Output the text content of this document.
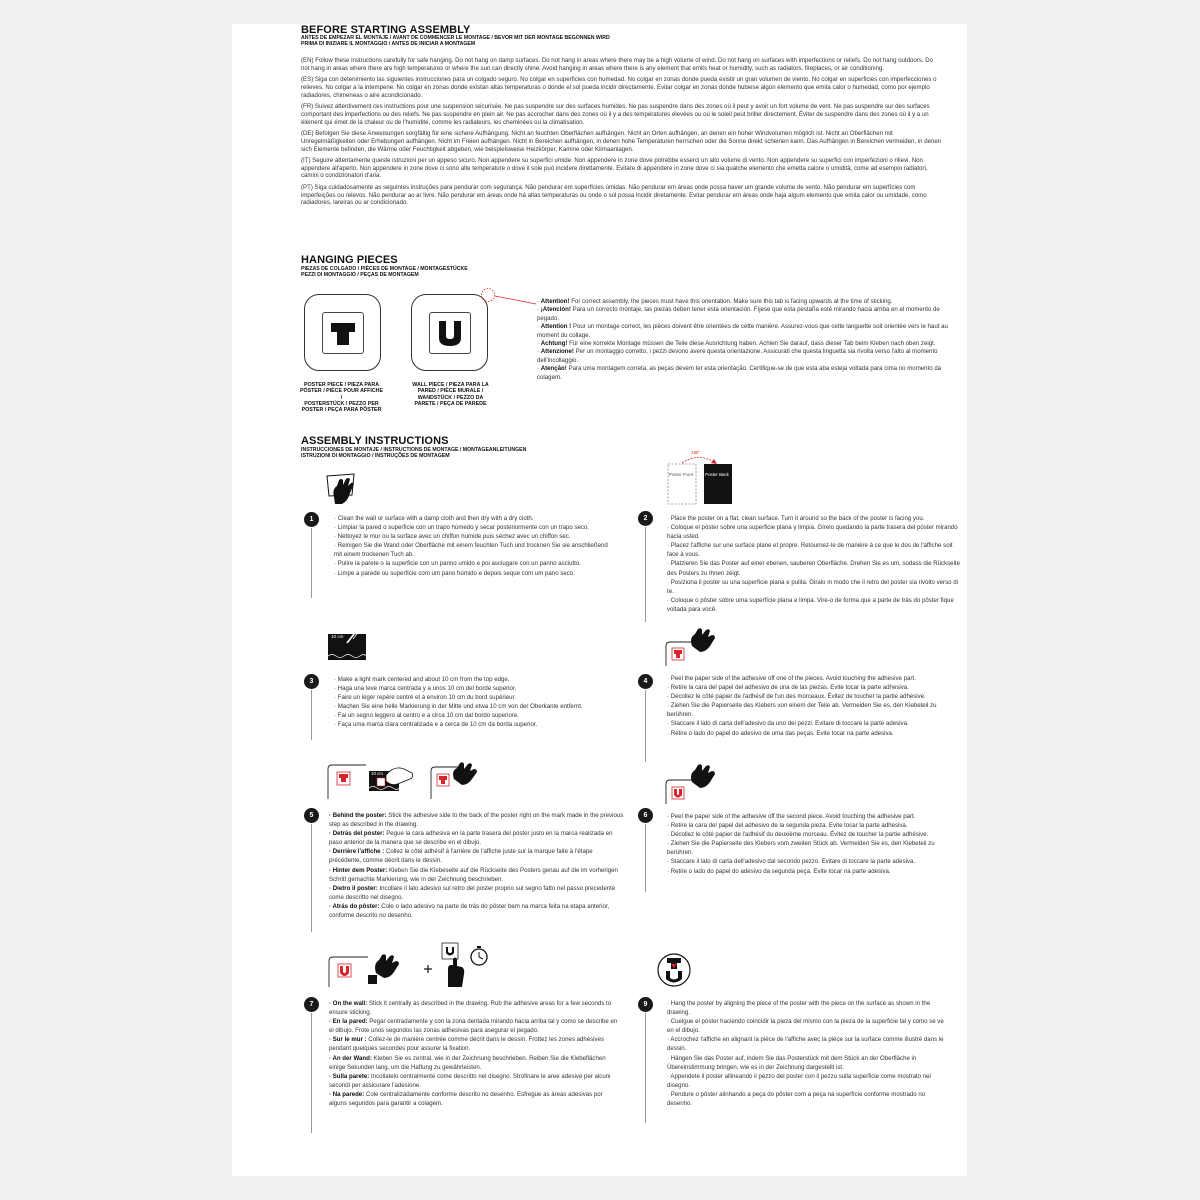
BEFORE STARTING ASSEMBLY
ANTES DE EMPEZAR EL MONTAJE / AVANT DE COMMENCER LE MONTAGE / BEVOR MIT DER MONTAGE BEGONNEN WIRD
PRIMA DI INIZIARE IL MONTAGGIO / ANTES DE INICIAR A MONTAGEM

(EN) Follow these instructions carefully for safe hanging. Do not hang on damp surfaces. Do not hang in areas where there may be a high volume of wind. Do not hang on surfaces with imperfections or reliefs. Do not hang outdoors. Do not hang in areas where there are high temperatures or where the sun can directly shine. Avoid hanging in areas where there is any element that emits heat or humidity, such as radiators, fireplaces, or air conditioning.

(ES) Siga con detenimiento las siguientes instrucciones para un colgado seguro. No colgar en superficies con humedad. No colgar en zonas donde pueda existir un gran volumen de viento. No colgar en superficies con imperfecciones o relieves. No colgar a la intemperie. No colgar en zonas donde existan altas temperaturas o donde el sol pueda incidir directamente. Evitar colgar en zonas donde hubiese algún elemento que emita calor o humedad, como por ejemplo radiadores, chimeneas o aire acondicionado.

(FR) Suivez attentivement ces instructions pour une suspension sécurisée. Ne pas suspendre sur des surfaces humides. Ne pas suspendre dans des zones où il peut y avoir un fort volume de vent. Ne pas suspendre sur des surfaces comportant des imperfections ou des reliefs. Ne pas suspendre en plein air. Ne pas accrocher dans des zones où il y a des températures élevées ou où le soleil peut briller directement. Éviter de suspendre dans des zones où il y a un élément qui émet de la chaleur ou de l'humidité, comme les radiateurs, les cheminées ou la climatisation.

(DE) Befolgen Sie diese Anweisungen sorgfältig für eine sichere Aufhängung. Nicht an feuchten Oberflächen aufhängen. Nicht an Orten aufhängen, an denen ein hoher Windvolumen möglich ist. Nicht an Oberflächen mit Unregelmäßigkeiten oder Erhebungen aufhängen. Nicht im Freien aufhängen. Nicht in Bereichen aufhängen, in denen hohe Temperaturen herrschen oder die Sonne direkt scheinen kann. Das Aufhängen in Bereichen vermeiden, in denen sich Elemente befinden, die Wärme oder Feuchtigkeit abgeben, wie beispielsweise Heizkörper, Kamine oder Klimaanlagen.

(IT) Seguire attentamente queste istruzioni per un appeso sicuro. Non appendere su superfici umide. Non appendere in zone dove potrebbe esserci un alto volume di vento. Non appendere su superfici con imperfezioni o rilievi. Non appendere all'aperto. Non appendere in zone dove ci sono alte temperature o dove il sole può incidere direttamente. Evitare di appendere in zone dove ci sia qualche elemento che emetta calore o umidità, come ad esempio radiatori, camini o condizionatori d'aria.

(PT) Siga cuidadosamente as seguintes instruções para pendurar com segurança. Não pendurar em superfícies úmidas. Não pendurar em áreas onde possa haver um grande volume de vento. Não pendurar em superfícies com imperfeições ou relevos. Não pendurar ao ar livre. Não pendurar em áreas onde há altas temperaturas ou onde o sol possa incidir diretamente. Evitar pendurar em áreas onde haja algum elemento que emita calor ou umidade, como radiadores, lareiras ou ar condicionado.

HANGING PIECES
PIEZAS DE COLGADO / PIÈCES DE MONTAGE / MONTAGESTÜCKE
PEZZI DI MONTAGGIO / PEÇAS DE MONTAGEM
POSTER PIECE / PIEZA PARA
PÓSTER / PIÈCE POUR AFFICHE /
POSTERSTÜCK / PEZZO PER
POSTER / PEÇA PARA PÔSTER
WALL PIECE / PIEZA PARA LA
PARED / PIÈCE MURALE /
WANDSTÜCK / PEZZO DA
PARETE / PEÇA DE PAREDE
· Attention! For correct assembly, the pieces must have this orientation. Make sure this tab is facing upwards at the time of sticking.
· ¡Atención! Para un correcto montaje, las piezas deben tener esta orientación. Fíjese que esta pestaña esté mirando hacia arriba en el momento de pegado.
· Attention ! Pour un montage correct, les pièces doivent être orientées de cette manière. Assurez-vous que cette languette soit orientée vers le haut au moment du collage.
· Achtung! Für eine korrekte Montage müssen die Teile diese Ausrichtung haben. Achten Sie darauf, dass dieser Tab beim Kleben nach oben zeigt.
· Attenzione! Per un montaggio corretto, i pezzi devono avere questa orientazione. Assicurati che questa linguetta sia rivolta verso l'alto al momento dell'incollaggio.
· Atenção! Para uma montagem correta, as peças devem ter esta orientação. Certifique-se de que esta aba esteja voltada para cima no momento da colagem.
ASSEMBLY INSTRUCTIONS
INSTRUCCIONES DE MONTAJE / INSTRUCTIONS DE MONTAGE / MONTAGEANLEITUNGEN
ISTRUZIONI DI MONTAGGIO / INSTRUÇÕES DE MONTAGEM
Poster Front	Poster Back
180°
10 cm
10 cm
1	2
3	4
5	6
7	9
· Clean the wall or surface with a damp cloth and then dry with a dry cloth.
· Limpiar la pared o superficie con un trapo húmedo y secar posteriormente con un trapo seco.
· Nettoyez le mur ou la surface avec un chiffon humide puis séchez avec un chiffon sec.
· Reinigen Sie die Wand oder Oberfläche mit einem feuchten Tuch und trocknen Sie sie anschließend mit einem trockenen Tuch ab.
· Pulire la parete o la superficie con un panno umido e poi asciugare con un panno asciutto.
· Limpe a parede ou superfície com um pano húmido e depois seque com um pano seco.
· Place the poster on a flat, clean surface. Turn it around so the back of the poster is facing you.
· Coloque el póster sobre una superficie plana y limpia. Gírelo quedando la parte trasera del póster mirando hacia usted.
· Placez l'affiche sur une surface plane et propre. Retournez-le de manière à ce que le dos de l'affiche soit face à vous.
· Platzieren Sie das Poster auf einer ebenen, sauberen Oberfläche. Drehen Sie es um, sodass die Rückseite des Posters zu Ihnen zeigt.
· Posiziona il poster su una superficie piana e pulita. Giralo in modo che il retro del poster sia rivolto verso di te.
· Coloque o pôster sobre uma superfície plana e limpa. Vire-o de forma que a parte de trás do pôster fique voltada para você.
· Make a light mark centered and about 10 cm from the top edge.
· Haga una leve marca centrada y a unos 10 cm del borde superior.
· Faire un léger repère centré et à environ 10 cm du bord supérieur.
· Machen Sie eine helle Markierung in der Mitte und etwa 10 cm von der Oberkante entfernt.
· Fai un segno leggero al centro e a circa 10 cm dal bordo superiore.
· Faça uma marca clara centralizada e a cerca de 10 cm da borda superior.
· Peel the paper side of the adhesive off one of the pieces. Avoid touching the adhesive part.
· Retire la cara del papel del adhesivo de una de las piezas. Evite tocar la parte adhesiva.
· Décollez le côté papier de l'adhésif de l'un des morceaux. Évitez de toucher la partie adhésive.
· Ziehen Sie die Papierseite des Klebers von einem der Teile ab. Vermeiden Sie es, den Klebeteil zu berühren.
· Staccare il lato di carta dell'adesivo da uno dei pezzi. Evitare di toccare la parte adesiva.
· Retire o lado do papel do adesivo de uma das peças. Evite tocar na parte adesiva.
· Behind the poster: Stick the adhesive side to the back of the poster right on the mark made in the previous step as described in the drawing.
· Detrás del póster: Pegue la cara adhesiva en la parte trasera del póster justo en la marca realizada en paso anterior de la manera que se describe en el dibujo.
· Derrière l'affiche : Collez le côté adhésif à l'arrière de l'affiche juste sur la marque faite à l'étape précédente, comme décrit dans le dessin.
· Hinter dem Poster: Kleben Sie die Klebeseite auf die Rückseite des Posters genau auf die im vorherigen Schritt gemachte Markierung, wie in der Zeichnung beschrieben.
· Dietro il poster: Incollare il lato adesivo sul retro del poster proprio sul segno fatto nel passo precedente come descritto nel disegno.
· Atrás do pôster: Cole o lado adesivo na parte de trás do pôster bem na marca feita na etapa anterior, conforme descrito no desenho.
· Peel the paper side of the adhesive off the second piece. Avoid touching the adhesive part.
· Retire la cara del papel del adhesivo de la segunda pieza. Evite tocar la parte adhesiva.
· Décollez le côté papier de l'adhésif du deuxième morceau. Évitez de toucher la partie adhésive.
· Ziehen Sie die Papierseite des Klebers vom zweiten Stück ab. Vermeiden Sie es, den Klebeteil zu berühren.
· Staccare il lato di carta dell'adesivo dal secondo pezzo. Evitare di toccare la parte adesiva.
· Retire o lado do papel do adesivo da segunda peça. Evite tocar na parte adesiva.
· On the wall: Stick it centrally as described in the drawing. Rub the adhesive areas for a few seconds to ensure sticking.
· En la pared: Pegar centradamente y con la zona dentada mirando hacia arriba tal y como se describe en el dibujo. Frote unos segundos las zonas adhesivas para asegurar el pegado.
· Sur le mur : Collez-le de manière centrée comme décrit dans le dessin. Frottez les zones adhésives pendant quelques secondes pour assurer la fixation.
· An der Wand: Kleben Sie es zentral, wie in der Zeichnung beschrieben. Reiben Sie die Klebeflächen einige Sekunden lang, um die Haftung zu gewährleisten.
· Sulla parete: Incollatelo centralmente come descritto nel disegno. Strofinare le aree adesive per alcuni secondi per assicurare l'adesione.
· Na parede: Cole centralizadamente conforme descrito no desenho. Esfregue as áreas adesivas por alguns segundos para garantir a colagem.
· Hang the poster by aligning the piece of the poster with the piece on the surface as shown in the drawing.
· Cuelgue el póster haciendo coincidir la pieza del mismo con la pieza de la superficie tal y como se ve en el dibujo.
· Accrochez l'affiche en alignant la pièce de l'affiche avec la pièce sur la surface comme illustré dans le dessin.
· Hängen Sie das Poster auf, indem Sie das Posterstück mit dem Stück an der Oberfläche in Übereinstimmung bringen, wie es in der Zeichnung dargestellt ist.
· Appendete il poster allineando il pezzo del poster con il pezzo sulla superficie come mostrato nel disegno.
· Pendure o pôster alinhando a peça do pôster com a peça na superfície conforme mostrado no desenho.
